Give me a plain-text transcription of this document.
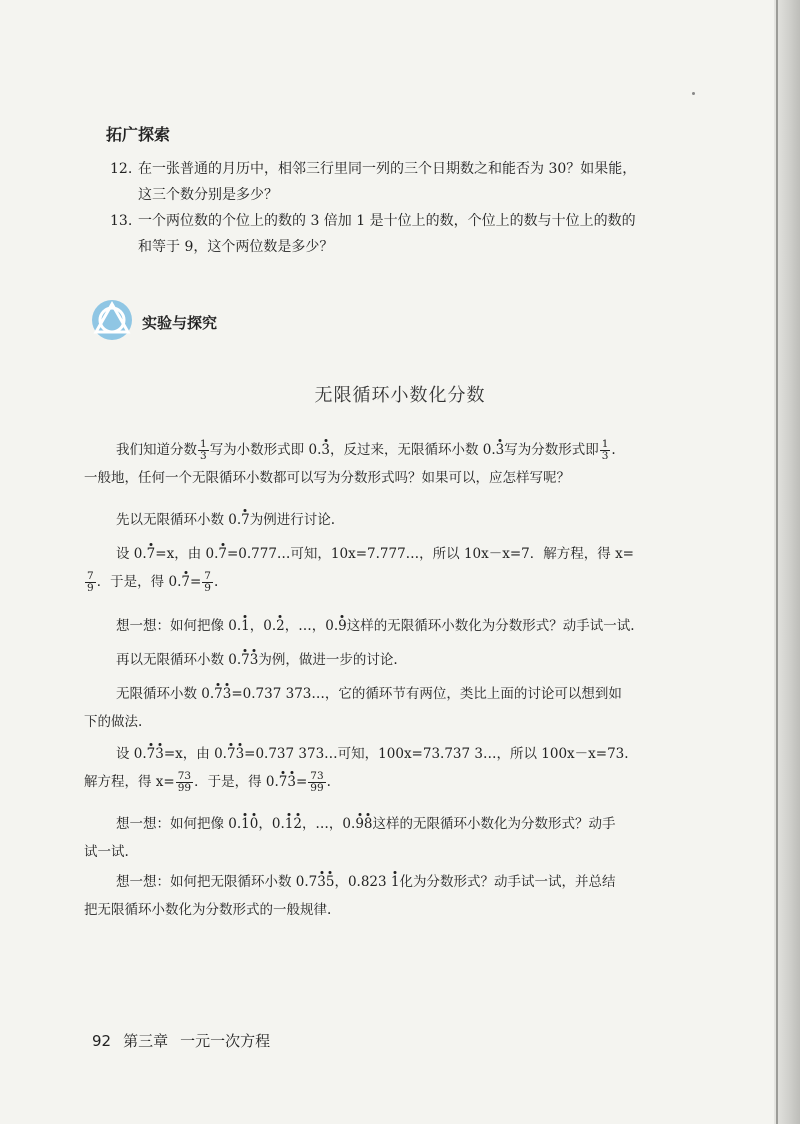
拓广探索
12. 在一张普通的月历中，相邻三行里同一列的三个日期数之和能否为 30？如果能，
这三个数分别是多少？
13. 一个两位数的个位上的数的 3 倍加 1 是十位上的数，个位上的数与十位上的数的
和等于 9，这个两位数是多少？
实验与探究
无限循环小数化分数
我们知道分数 $\frac{1}{3}$ 写为小数形式即 0.3，反过来，无限循环小数 0.3写为分数形式即 $\frac{1}{3}$ .
一般地，任何一个无限循环小数都可以写为分数形式吗？如果可以，应怎样写呢？
先以无限循环小数 0.7为例进行讨论.
设 0.7=x，由 0.7=0.777…可知，10x=7.777…，所以 10x－x=7．解方程，得 x=
$\frac{7}{9}$ ．于是，得 $0.7= \frac{7}{9}$ .
想一想：如何把像 0.1，0.2，…，0.9这样的无限循环小数化为分数形式？动手试一试.
再以无限循环小数 0.73为例，做进一步的讨论.
无限循环小数 0.73=0.737 373…，它的循环节有两位，类比上面的讨论可以想到如
下的做法.
设 0.73=x，由 0.73=0.737 373…可知，100x=73.737 3…，所以 100x－x=73.
解方程，得 $x= \frac{73}{99}$ ．于是，得 $0.73= \frac{73}{99}$ .
想一想：如何把像 0.10，0.12，…，0.98这样的无限循环小数化为分数形式？动手
试一试.
想一想：如何把无限循环小数 0.735，0.823 1化为分数形式？动手试一试，并总结
把无限循环小数化为分数形式的一般规律.
92 第三章 一元一次方程
